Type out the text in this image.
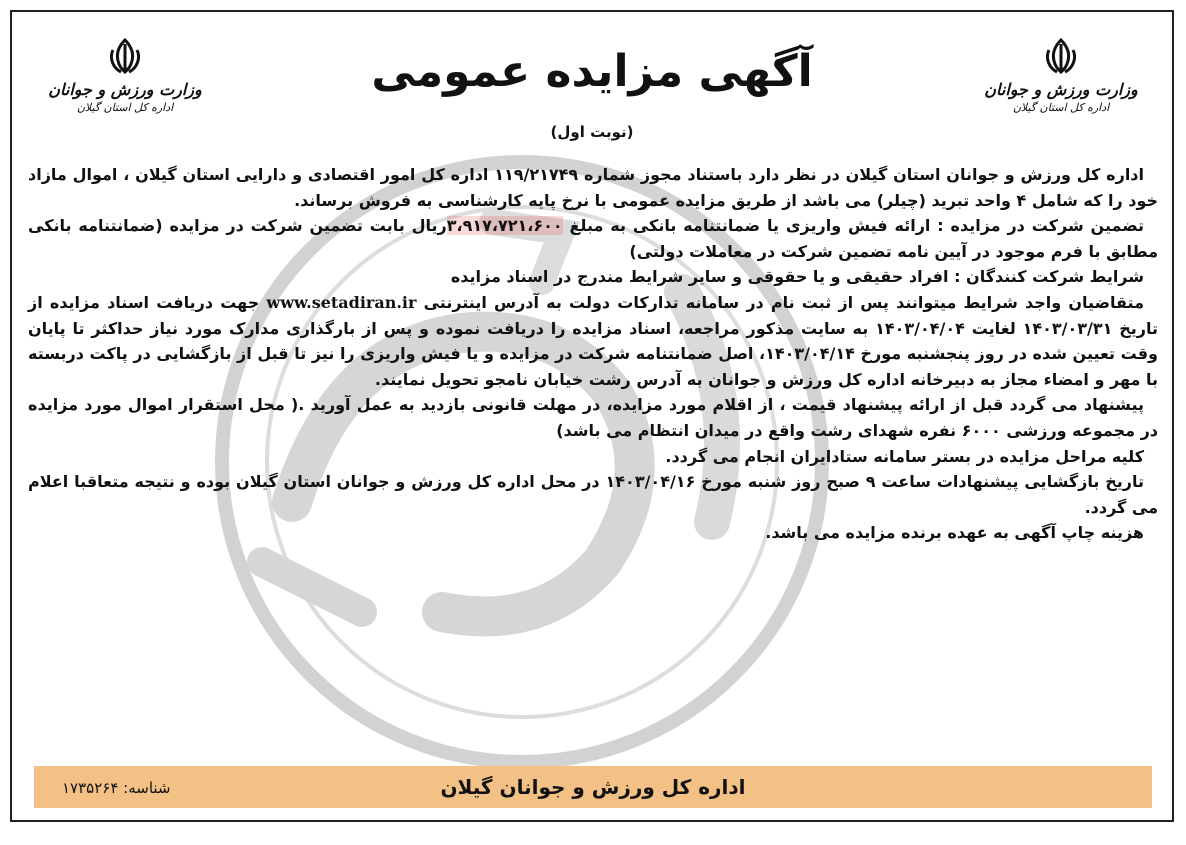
وزارت ورزش و جوانان
اداره کل استان گیلان
آگهی مزایده عمومی
(نوبت اول)
وزارت ورزش و جوانان
اداره کل استان گیلان

اداره کل ورزش و جوانان استان گیلان در نظر دارد باستناد مجوز شماره ۱۱۹/۲۱۷۴۹ اداره کل امور اقتصادی و دارایی استان گیلان ، اموال مازاد خود را که شامل ۴ واحد تبرید (چیلر) می باشد از طریق مزایده عمومی با نرخ پایه کارشناسی به فروش برساند.

تضمین شرکت در مزایده : ارائه فیش واریزی یا ضمانتنامه بانکی به مبلغ ۳،۹۱۷،۷۲۱،۶۰۰ریال بابت تضمین شرکت در مزایده (ضمانتنامه بانکی مطابق با فرم موجود در آیین نامه تضمین شرکت در معاملات دولتی)

شرایط شرکت کنندگان : افراد حقیقی و یا حقوقی و سایر شرایط مندرج در اسناد مزایده

متقاضیان واجد شرایط میتوانند پس از ثبت نام در سامانه تدارکات دولت به آدرس اینترنتی www.setadiran.ir جهت دریافت اسناد مزایده از تاریخ ۱۴۰۳/۰۳/۳۱ لغایت ۱۴۰۳/۰۴/۰۴ به سایت مذکور مراجعه، اسناد مزایده را دریافت نموده و پس از بارگذاری مدارک مورد نیاز حداکثر تا پایان وقت تعیین شده در روز پنجشنبه مورخ ۱۴۰۳/۰۴/۱۴، اصل ضمانتنامه شرکت در مزایده و یا فیش واریزی را نیز تا قبل از بازگشایی در پاکت دربسته با مهر و امضاء مجاز به دبیرخانه اداره کل ورزش و جوانان به آدرس رشت خیابان نامجو تحویل نمایند.

پیشنهاد می گردد قبل از ارائه پیشنهاد قیمت ، از اقلام مورد مزایده، در مهلت قانونی بازدید به عمل آورید .( محل استقرار اموال مورد مزایده در مجموعه ورزشی ۶۰۰۰ نفره شهدای رشت واقع در میدان انتظام می باشد)

کلیه مراحل مزایده در بستر سامانه ستادایران انجام می گردد.

تاریخ بازگشایی پیشنهادات ساعت ۹ صبح روز شنبه مورخ ۱۴۰۳/۰۴/۱۶ در محل اداره کل ورزش و جوانان استان گیلان بوده و نتیجه متعاقبا اعلام می گردد.

هزینه چاپ آگهی به عهده برنده مزایده می باشد.

اداره کل ورزش و جوانان گیلان
شناسه: ۱۷۳۵۲۶۴
